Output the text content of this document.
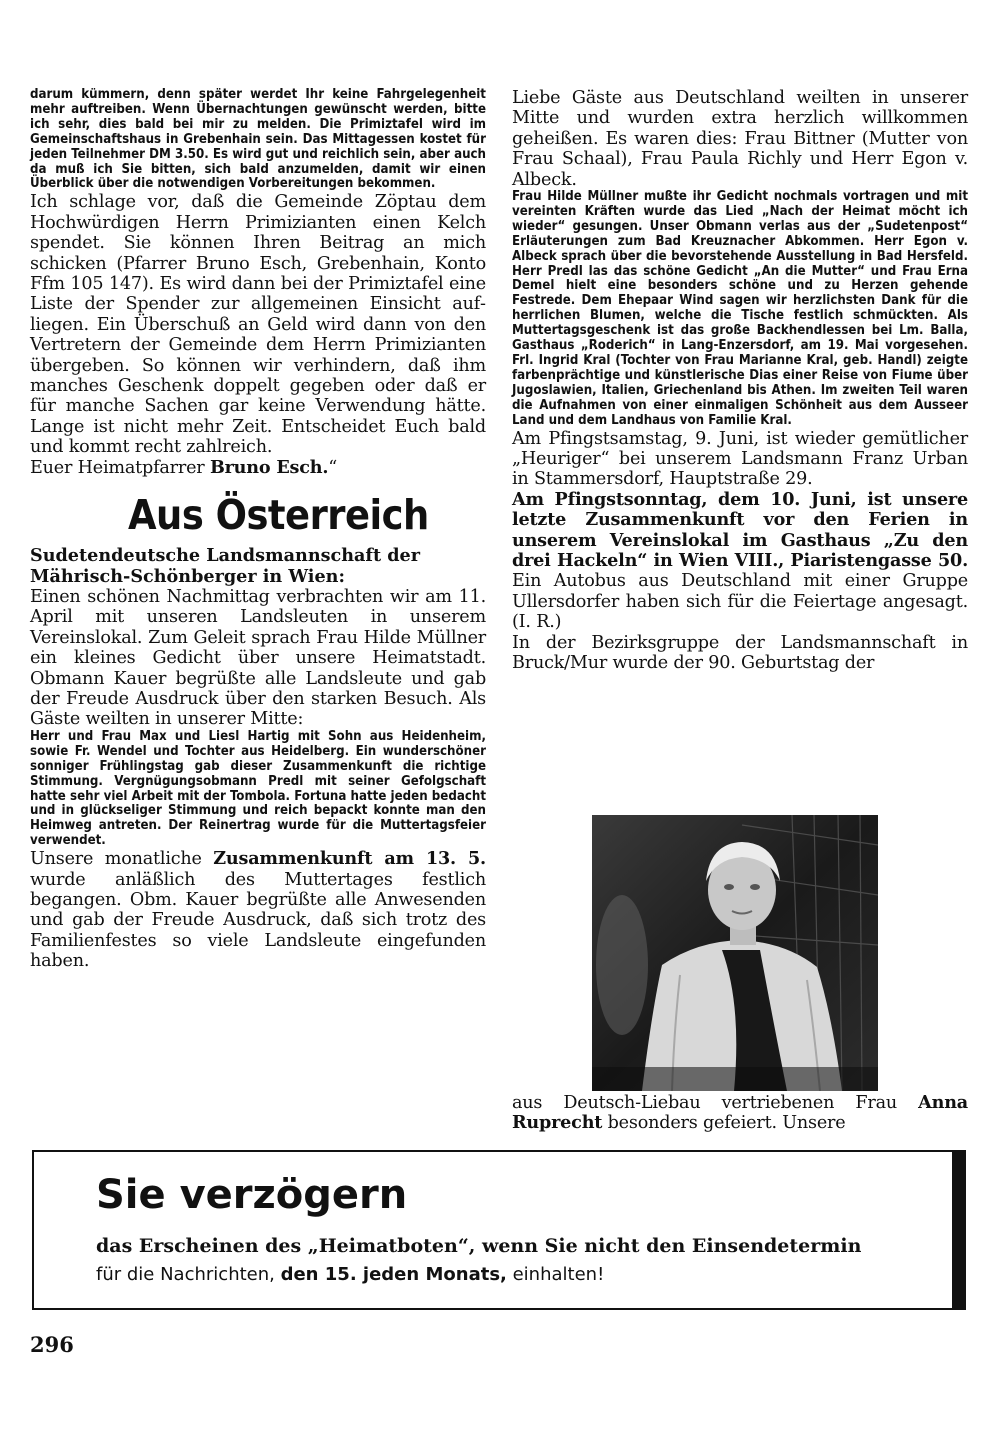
darum kümmern, denn später werdet Ihr keine Fahrgelegenheit mehr auftreiben. Wenn Übernachtungen gewünscht werden, bitte ich sehr, dies bald bei mir zu melden. Die Primiztafel wird im Gemeinschaftshaus in Grebenhain sein. Das Mittagessen kostet für jeden Teilnehmer DM 3.50. Es wird gut und reichlich sein, aber auch da muß ich Sie bitten, sich bald anzumelden, damit wir einen Überblick über die notwendigen Vorbereitungen bekommen.

Ich schlage vor, daß die Gemeinde Zöptau dem Hochwürdigen Herrn Primizianten einen Kelch spendet. Sie können Ihren Beitrag an mich schicken (Pfarrer Bruno Esch, Grebenhain, Konto Ffm 105 147). Es wird dann bei der Primiztafel eine Liste der Spender zur allgemeinen Einsicht aufliegen. Ein Überschuß an Geld wird dann von den Vertretern der Gemeinde dem Herrn Primizianten übergeben. So können wir verhindern, daß ihm manches Geschenk doppelt gegeben oder daß er für manche Sachen gar keine Verwendung hätte. Lange ist nicht mehr Zeit. Entscheidet Euch bald und kommt recht zahlreich.
Euer Heimatpfarrer Bruno Esch.“

Aus Österreich

Sudetendeutsche Landsmannschaft der Mährisch-Schönberger in Wien:

Einen schönen Nachmittag verbrachten wir am 11. April mit unseren Landsleuten in unserem Vereinslokal. Zum Geleit sprach Frau Hilde Müllner ein kleines Gedicht über unsere Heimatstadt. Obmann Kauer begrüßte alle Landsleute und gab der Freude Ausdruck über den starken Besuch. Als Gäste weilten in unserer Mitte:

Herr und Frau Max und Liesl Hartig mit Sohn aus Heidenheim, sowie Fr. Wendel und Tochter aus Heidelberg. Ein wunderschöner sonniger Frühlingstag gab dieser Zusammenkunft die richtige Stimmung. Vergnügungsobmann Predl mit seiner Gefolgschaft hatte sehr viel Arbeit mit der Tombola. Fortuna hatte jeden bedacht und in glückseliger Stimmung und reich bepackt konnte man den Heimweg antreten. Der Reinertrag wurde für die Muttertagsfeier verwendet.

Unsere monatliche Zusammenkunft am 13. 5. wurde anläßlich des Muttertages festlich begangen. Obm. Kauer begrüßte alle Anwesenden und gab der Freude Ausdruck, daß sich trotz des Familienfestes so viele Landsleute eingefunden haben.

Liebe Gäste aus Deutschland weilten in unserer Mitte und wurden extra herzlich willkommen geheißen. Es waren dies: Frau Bittner (Mutter von Frau Schaal), Frau Paula Richly und Herr Egon v. Albeck.

Frau Hilde Müllner mußte ihr Gedicht nochmals vortragen und mit vereinten Kräften wurde das Lied „Nach der Heimat möcht ich wieder“ gesungen. Unser Obmann verlas aus der „Sudetenpost“ Erläuterungen zum Bad Kreuznacher Abkommen. Herr Egon v. Albeck sprach über die bevorstehende Ausstellung in Bad Hersfeld. Herr Predl las das schöne Gedicht „An die Mutter“ und Frau Erna Demel hielt eine besonders schöne und zu Herzen gehende Festrede. Dem Ehepaar Wind sagen wir herzlichsten Dank für die herrlichen Blumen, welche die Tische festlich schmückten. Als Muttertagsgeschenk ist das große Backhendlessen bei Lm. Balla, Gasthaus „Roderich“ in Lang-Enzersdorf, am 19. Mai vorgesehen. Frl. Ingrid Kral (Tochter von Frau Marianne Kral, geb. Handl) zeigte farbenprächtige und künstlerische Dias einer Reise von Fiume über Jugoslawien, Italien, Griechenland bis Athen. Im zweiten Teil waren die Aufnahmen von einer einmaligen Schönheit aus dem Ausseer Land und dem Landhaus von Familie Kral.

Am Pfingstsamstag, 9. Juni, ist wieder gemütlicher „Heuriger“ bei unserem Landsmann Franz Urban in Stammersdorf, Hauptstraße 29.

Am Pfingstsonntag, dem 10. Juni, ist unsere letzte Zusammenkunft vor den Ferien in unserem Vereinslokal im Gasthaus „Zu den drei Hackeln“ in Wien VIII., Piaristengasse 50. Ein Autobus aus Deutschland mit einer Gruppe Ullersdorfer haben sich für die Feiertage angesagt. (I. R.)

In der Bezirksgruppe der Landsmannschaft in Bruck/Mur wurde der 90. Geburtstag der

aus Deutsch-Liebau vertriebenen Frau Anna Ruprecht besonders gefeiert. Unsere

Sie verzögern

das Erscheinen des „Heimatboten“, wenn Sie nicht den Einsendetermin

für die Nachrichten, den 15. jeden Monats, einhalten!

296
